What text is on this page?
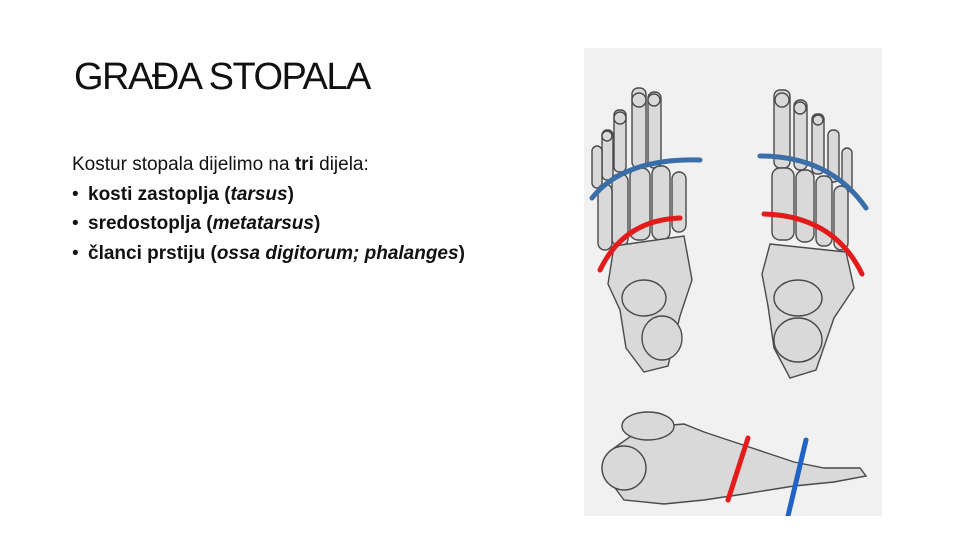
GRAĐA STOPALA
Kostur stopala dijelimo na tri dijela:
• kosti zastoplja (tarsus)
• sredostoplja (metatarsus)
• članci prstiju (ossa digitorum; phalanges)
